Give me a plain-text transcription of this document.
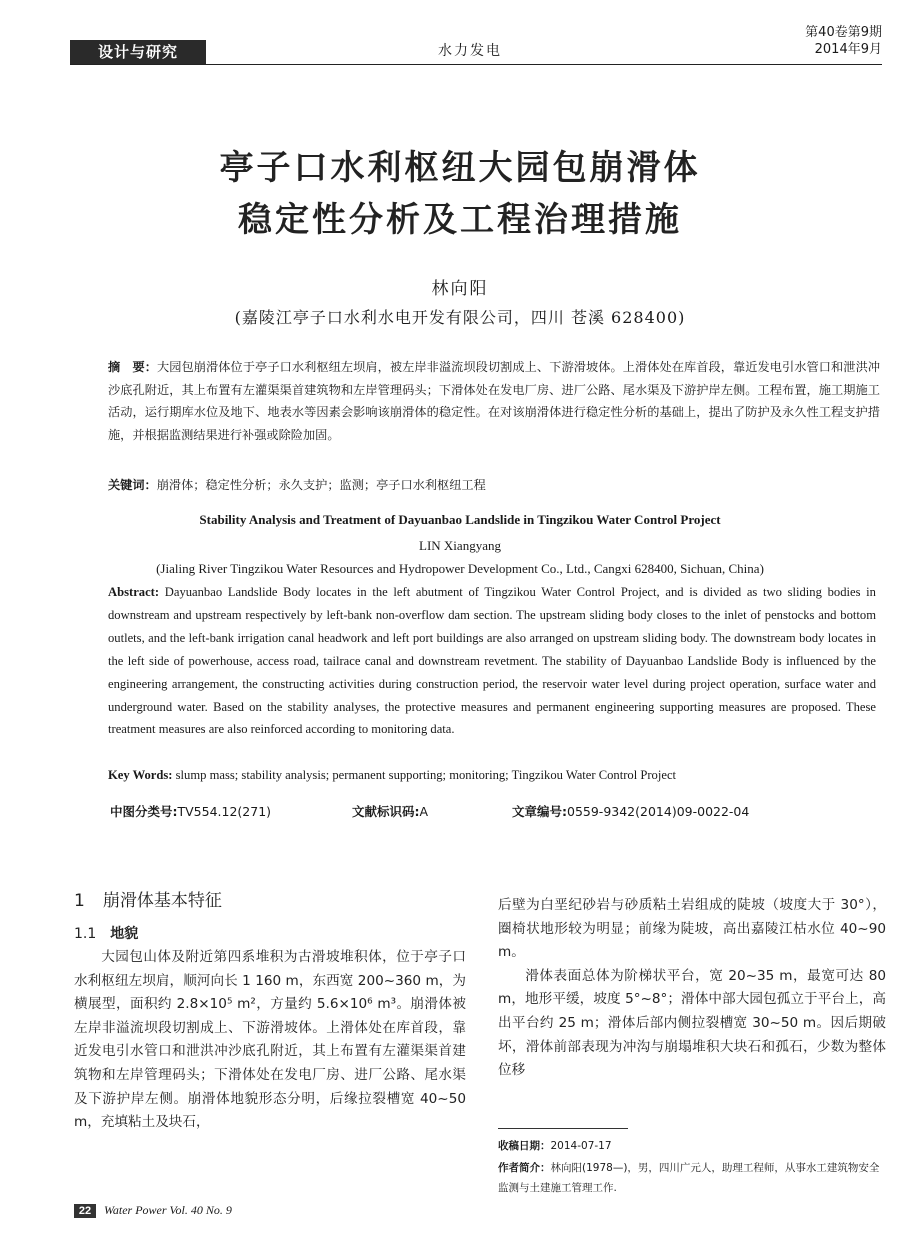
设计与研究	水力发电
第40卷第9期
2014年9月
亭子口水利枢纽大园包崩滑体
稳定性分析及工程治理措施
林向阳
(嘉陵江亭子口水利水电开发有限公司，四川 苍溪 628400)
摘　要：大园包崩滑体位于亭子口水利枢纽左坝肩，被左岸非溢流坝段切割成上、下游滑坡体。上滑体处在库首段，靠近发电引水管口和泄洪冲沙底孔附近，其上布置有左灌渠渠首建筑物和左岸管理码头；下滑体处在发电厂房、进厂公路、尾水渠及下游护岸左侧。工程布置，施工期施工活动，运行期库水位及地下、地表水等因素会影响该崩滑体的稳定性。在对该崩滑体进行稳定性分析的基础上，提出了防护及永久性工程支护措施，并根据监测结果进行补强或除险加固。
关键词：崩滑体；稳定性分析；永久支护；监测；亭子口水利枢纽工程
Stability Analysis and Treatment of Dayuanbao Landslide in Tingzikou Water Control Project
LIN Xiangyang
(Jialing River Tingzikou Water Resources and Hydropower Development Co., Ltd., Cangxi 628400, Sichuan, China)
Abstract: Dayuanbao Landslide Body locates in the left abutment of Tingzikou Water Control Project, and is divided as two sliding bodies in downstream and upstream respectively by left-bank non-overflow dam section. The upstream sliding body closes to the inlet of penstocks and bottom outlets, and the left-bank irrigation canal headwork and left port buildings are also arranged on upstream sliding body. The downstream body locates in the left side of powerhouse, access road, tailrace canal and downstream revetment. The stability of Dayuanbao Landslide Body is influenced by the engineering arrangement, the constructing activities during construction period, the reservoir water level during project operation, surface water and underground water. Based on the stability analyses, the protective measures and permanent engineering supporting measures are proposed. These treatment measures are also reinforced according to monitoring data.
Key Words: slump mass; stability analysis; permanent supporting; monitoring; Tingzikou Water Control Project
中图分类号:TV554.12(271)	文献标识码:A	文章编号:0559-9342(2014)09-0022-04
1 崩滑体基本特征
1.1 地貌

大园包山体及附近第四系堆积为古滑坡堆积体，位于亭子口水利枢纽左坝肩，顺河向长 1 160 m，东西宽 200~360 m，为横展型，面积约 2.8×10⁵ m²，方量约 5.6×10⁶ m³。崩滑体被左岸非溢流坝段切割成上、下游滑坡体。上滑体处在库首段，靠近发电引水管口和泄洪冲沙底孔附近，其上布置有左灌渠渠首建筑物和左岸管理码头；下滑体处在发电厂房、进厂公路、尾水渠及下游护岸左侧。崩滑体地貌形态分明，后缘拉裂槽宽 40~50 m，充填粘土及块石，

后壁为白垩纪砂岩与砂质粘土岩组成的陡坡（坡度大于 30°），圈椅状地形较为明显；前缘为陡坡，高出嘉陵江枯水位 40~90 m。

滑体表面总体为阶梯状平台，宽 20~35 m，最宽可达 80 m，地形平缓，坡度 5°~8°；滑体中部大园包孤立于平台上，高出平台约 25 m；滑体后部内侧拉裂槽宽 30~50 m。因后期破坏，滑体前部表现为冲沟与崩塌堆积大块石和孤石，少数为整体位移

收稿日期：2014-07-17
作者简介：林向阳(1978—)，男，四川广元人，助理工程师，从事水工建筑物安全监测与土建施工管理工作.
22	Water Power Vol. 40 No. 9
